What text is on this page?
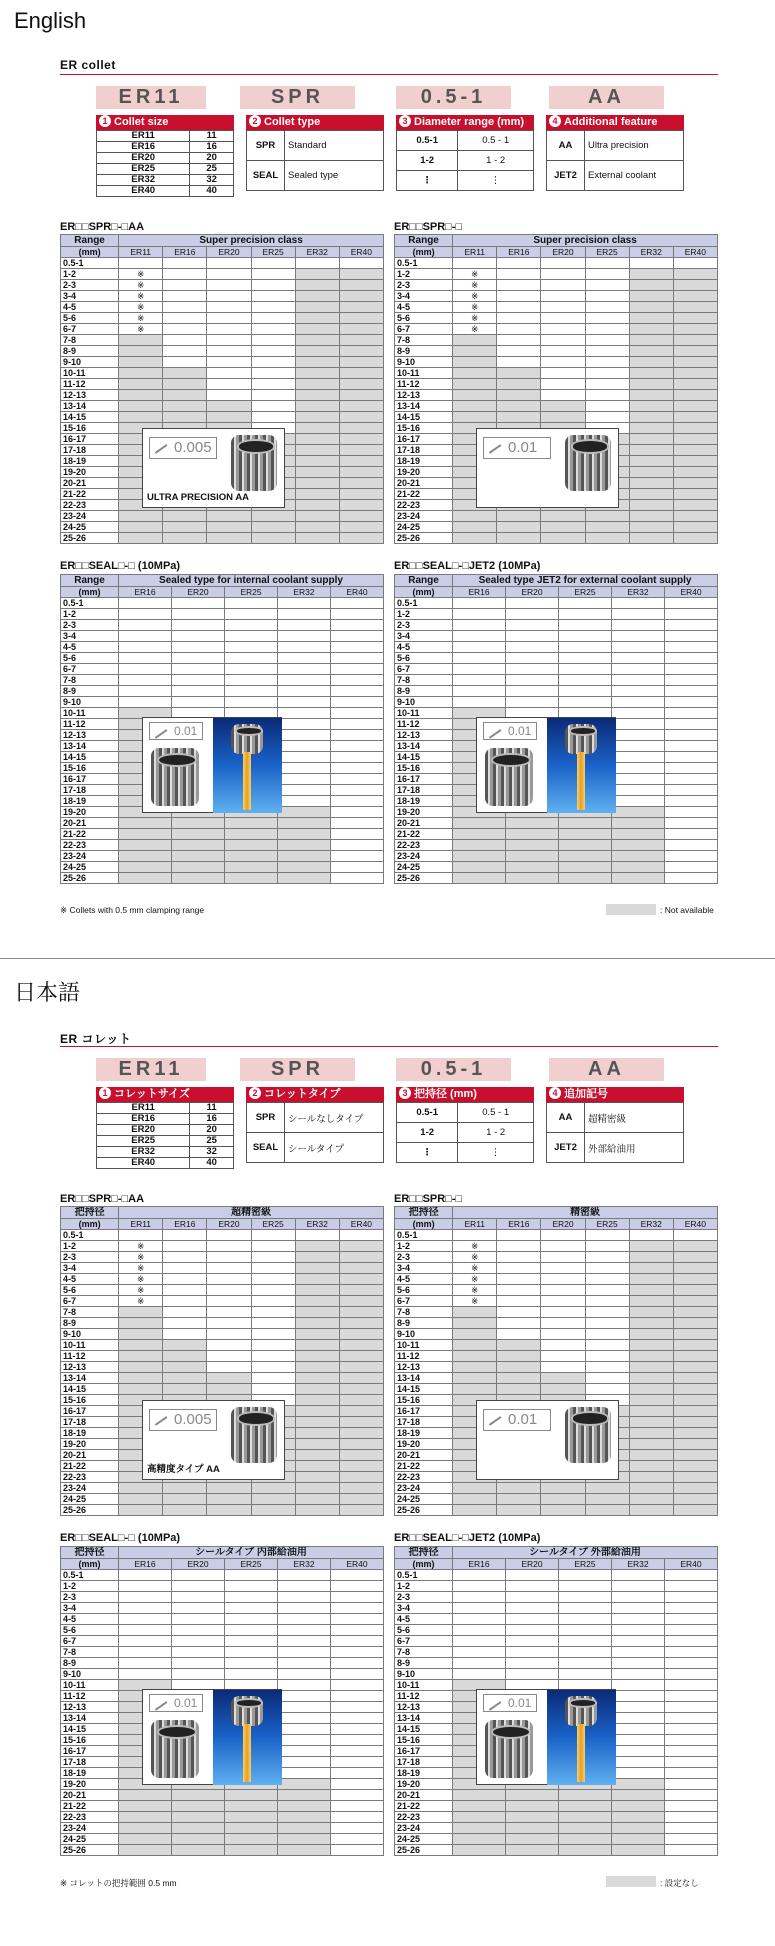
English
日本語
ER collet
ER11	SPR	0.5-1	AA
1 Collet size
ER11	11
ER16	16
ER20	20
ER25	25
ER32	32
ER40	40
2 Collet type
SPR	Standard
SEAL	Sealed type
3 Diameter range (mm)
0.5-1	0.5 - 1
1-2	1 - 2
⋮	⋮
4 Additional feature
AA	Ultra precision
JET2	External coolant
ER□□SPR□-□AA	ER□□SPR□-□
ER□□SEAL□-□ (10MPa)	ER□□SEAL□-□JET2 (10MPa)
Range	Super precision class					
(mm)	ER11	ER16	ER20	ER25	ER32	ER40
0.5-1						
1-2	※					
2-3	※					
3-4	※					
4-5	※					
5-6	※					
6-7	※					
7-8						
8-9						
9-10						
10-11						
11-12						
12-13						
13-14						
14-15						
15-16						
16-17						
17-18						
18-19						
19-20						
20-21						
21-22						
22-23						
23-24						
24-25						
25-26						
0.005
ULTRA PRECISION AA
Range	Super precision class					
(mm)	ER11	ER16	ER20	ER25	ER32	ER40
0.5-1						
1-2	※					
2-3	※					
3-4	※					
4-5	※					
5-6	※					
6-7	※					
7-8						
8-9						
9-10						
10-11						
11-12						
12-13						
13-14						
14-15						
15-16						
16-17						
17-18						
18-19						
19-20						
20-21						
21-22						
22-23						
23-24						
24-25						
25-26						
0.01
Range	Sealed type for internal coolant supply				
(mm)	ER16	ER20	ER25	ER32	ER40
0.5-1					
1-2					
2-3					
3-4					
4-5					
5-6					
6-7					
7-8					
8-9					
9-10					
10-11					
11-12					
12-13					
13-14					
14-15					
15-16					
16-17					
17-18					
18-19					
19-20					
20-21					
21-22					
22-23					
23-24					
24-25					
25-26					
0.01
Range	Sealed type JET2 for external coolant supply				
(mm)	ER16	ER20	ER25	ER32	ER40
0.5-1					
1-2					
2-3					
3-4					
4-5					
5-6					
6-7					
7-8					
8-9					
9-10					
10-11					
11-12					
12-13					
13-14					
14-15					
15-16					
16-17					
17-18					
18-19					
19-20					
20-21					
21-22					
22-23					
23-24					
24-25					
25-26					
0.01
※ Collets with 0.5 mm clamping range	: Not available
ER コレット
ER11	SPR	0.5-1	AA
1 コレットサイズ
ER11	11
ER16	16
ER20	20
ER25	25
ER32	32
ER40	40
2 コレットタイプ
SPR	シールなしタイプ
SEAL	シールタイプ
3 把持径 (mm)
0.5-1	0.5 - 1
1-2	1 - 2
⋮	⋮
4 追加記号
AA	超精密級
JET2	外部給油用
ER□□SPR□-□AA	ER□□SPR□-□
ER□□SEAL□-□ (10MPa)	ER□□SEAL□-□JET2 (10MPa)
把持径	超精密級					
(mm)	ER11	ER16	ER20	ER25	ER32	ER40
0.5-1						
1-2	※					
2-3	※					
3-4	※					
4-5	※					
5-6	※					
6-7	※					
7-8						
8-9						
9-10						
10-11						
11-12						
12-13						
13-14						
14-15						
15-16						
16-17						
17-18						
18-19						
19-20						
20-21						
21-22						
22-23						
23-24						
24-25						
25-26						
0.005
高精度タイプ AA
把持径	精密級					
(mm)	ER11	ER16	ER20	ER25	ER32	ER40
0.5-1						
1-2	※					
2-3	※					
3-4	※					
4-5	※					
5-6	※					
6-7	※					
7-8						
8-9						
9-10						
10-11						
11-12						
12-13						
13-14						
14-15						
15-16						
16-17						
17-18						
18-19						
19-20						
20-21						
21-22						
22-23						
23-24						
24-25						
25-26						
0.01
把持径	シールタイプ 内部給油用				
(mm)	ER16	ER20	ER25	ER32	ER40
0.5-1					
1-2					
2-3					
3-4					
4-5					
5-6					
6-7					
7-8					
8-9					
9-10					
10-11					
11-12					
12-13					
13-14					
14-15					
15-16					
16-17					
17-18					
18-19					
19-20					
20-21					
21-22					
22-23					
23-24					
24-25					
25-26					
0.01
把持径	シールタイプ 外部給油用				
(mm)	ER16	ER20	ER25	ER32	ER40
0.5-1					
1-2					
2-3					
3-4					
4-5					
5-6					
6-7					
7-8					
8-9					
9-10					
10-11					
11-12					
12-13					
13-14					
14-15					
15-16					
16-17					
17-18					
18-19					
19-20					
20-21					
21-22					
22-23					
23-24					
24-25					
25-26					
0.01
※ コレットの把持範囲 0.5 mm	: 設定なし
